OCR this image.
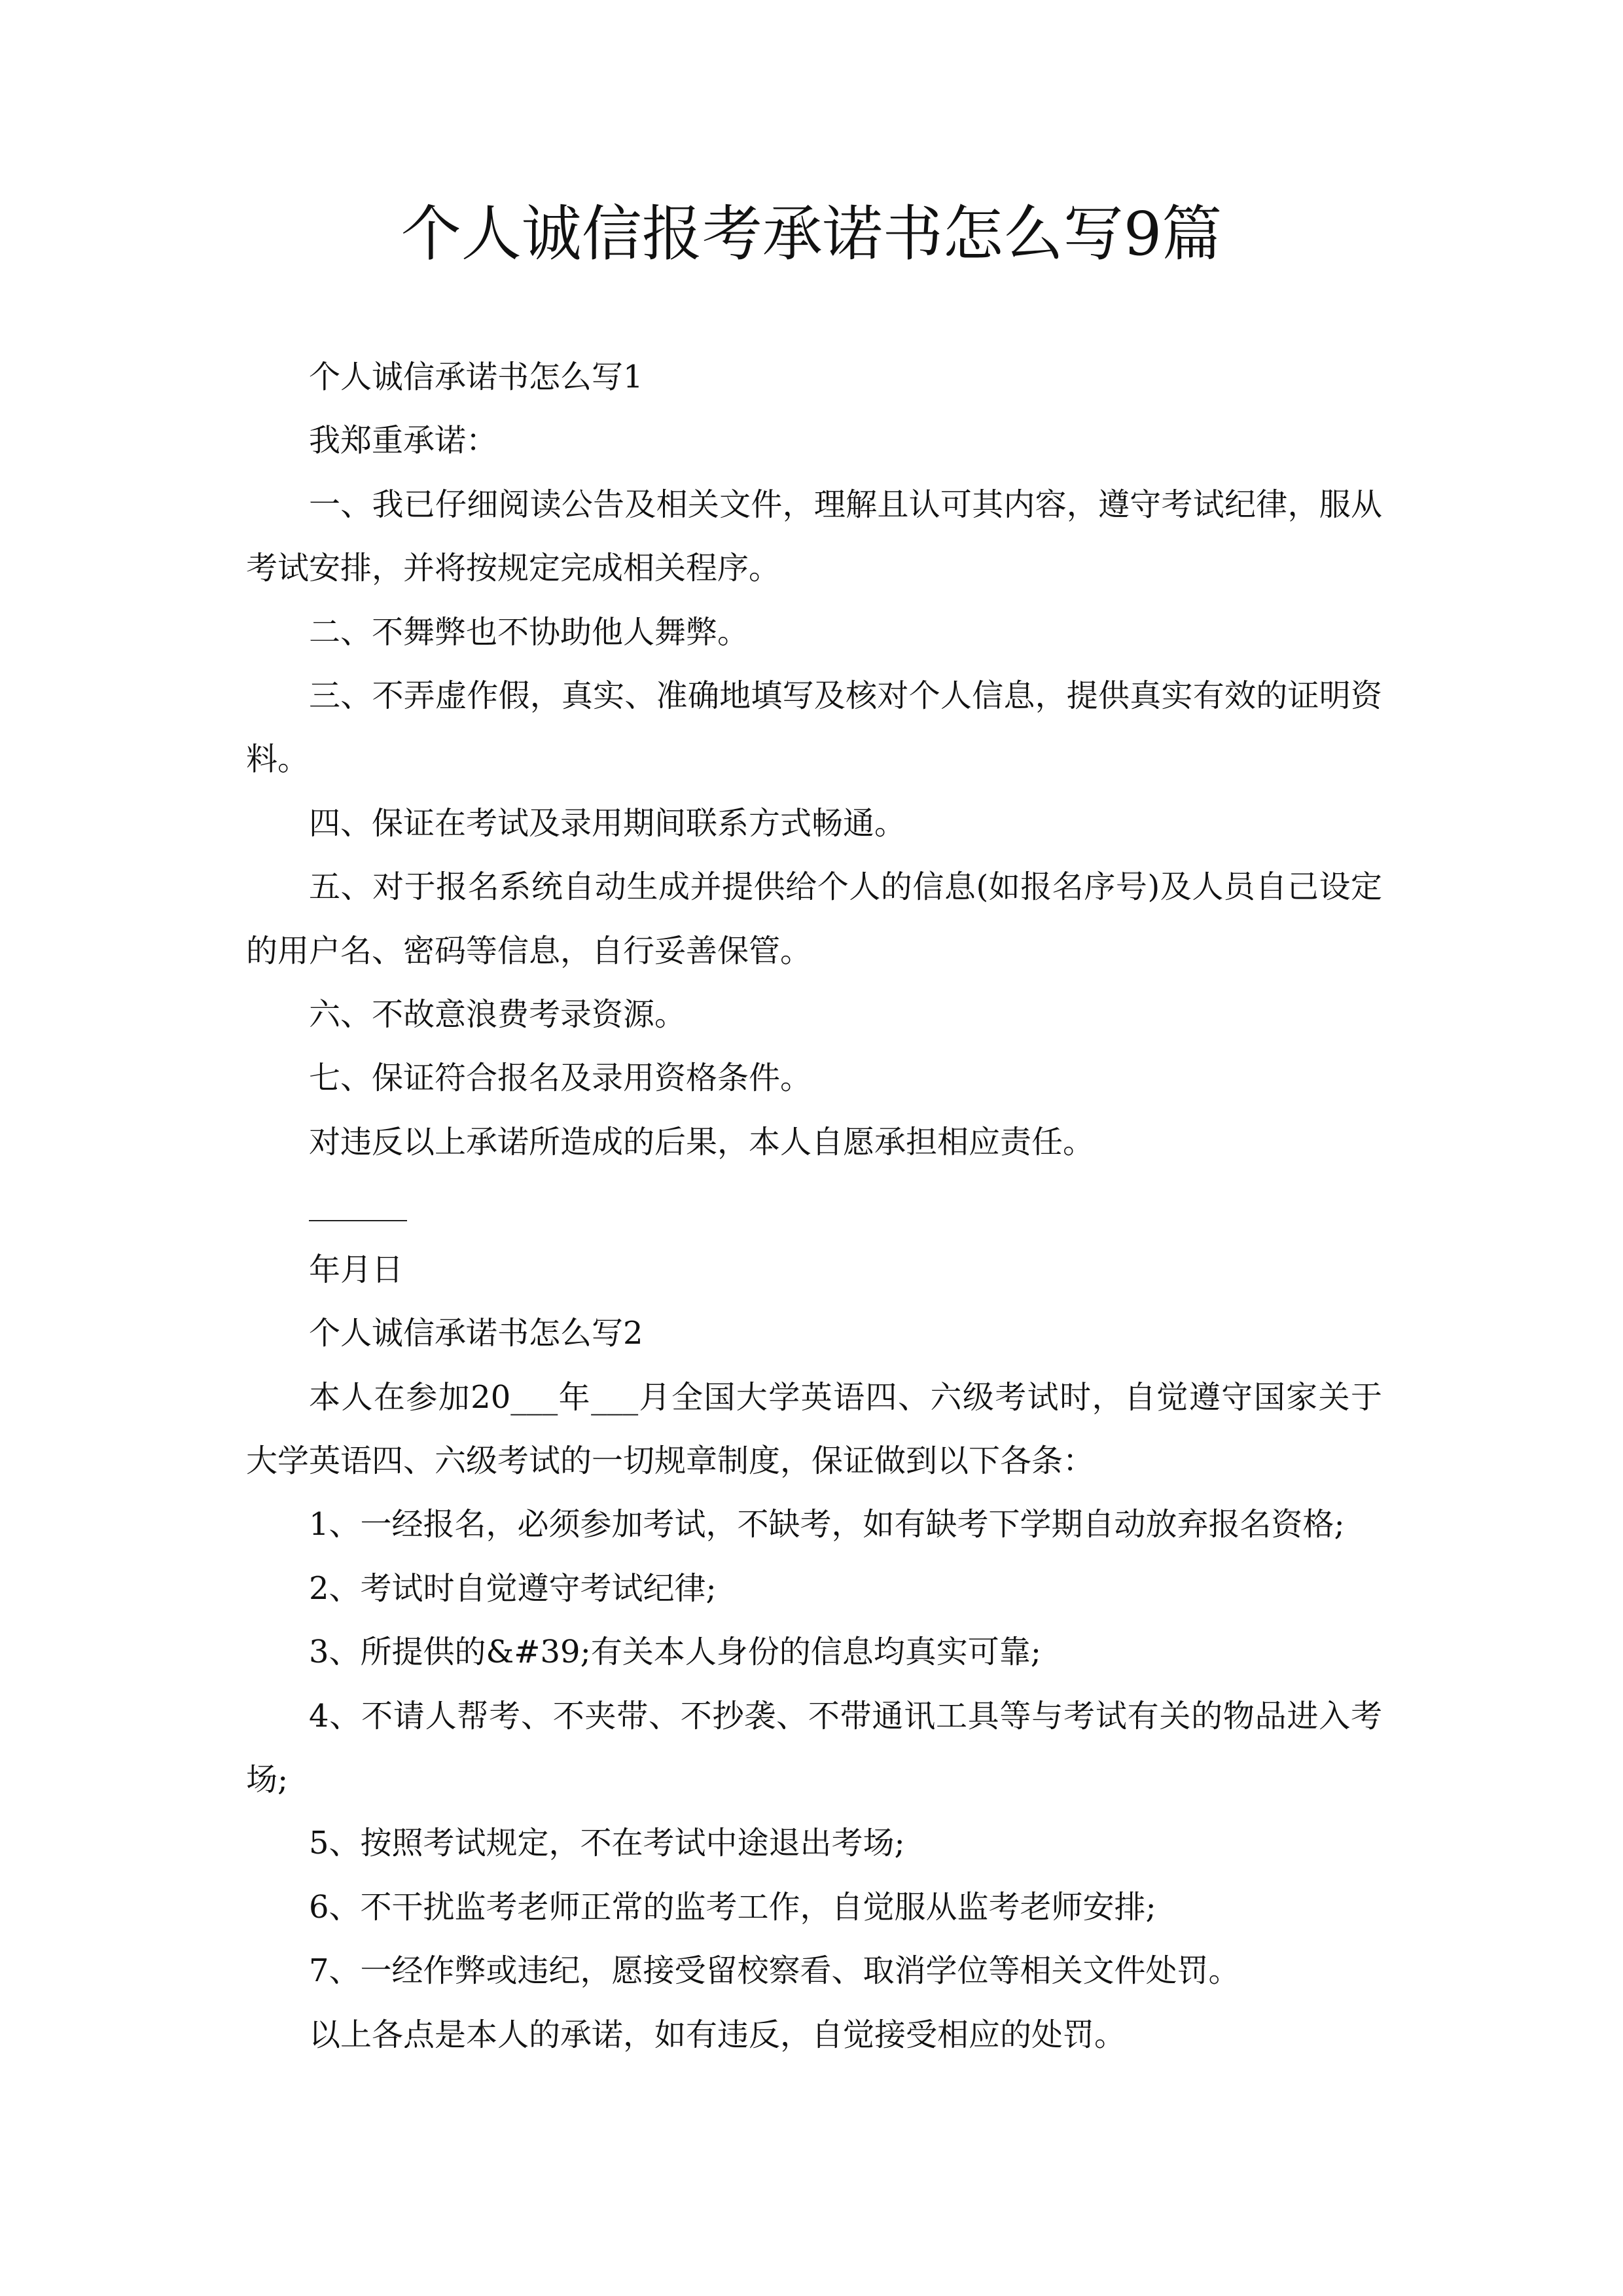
个人诚信报考承诺书怎么写9篇

个人诚信承诺书怎么写1

我郑重承诺：

一、我已仔细阅读公告及相关文件，理解且认可其内容，遵守考试纪律，服从考试安排，并将按规定完成相关程序。

二、不舞弊也不协助他人舞弊。

三、不弄虚作假，真实、准确地填写及核对个人信息，提供真实有效的证明资料。

四、保证在考试及录用期间联系方式畅通。

五、对于报名系统自动生成并提供给个人的信息(如报名序号)及人员自己设定的用户名、密码等信息，自行妥善保管。

六、不故意浪费考录资源。

七、保证符合报名及录用资格条件。

对违反以上承诺所造成的后果，本人自愿承担相应责任。

年月日

个人诚信承诺书怎么写2

本人在参加20___年___月全国大学英语四、六级考试时，自觉遵守国家关于大学英语四、六级考试的一切规章制度，保证做到以下各条：

1、一经报名，必须参加考试，不缺考，如有缺考下学期自动放弃报名资格;

2、考试时自觉遵守考试纪律;

3、所提供的&#39;有关本人身份的信息均真实可靠;

4、不请人帮考、不夹带、不抄袭、不带通讯工具等与考试有关的物品进入考场;

5、按照考试规定，不在考试中途退出考场;

6、不干扰监考老师正常的监考工作，自觉服从监考老师安排;

7、一经作弊或违纪，愿接受留校察看、取消学位等相关文件处罚。

以上各点是本人的承诺，如有违反，自觉接受相应的处罚。
